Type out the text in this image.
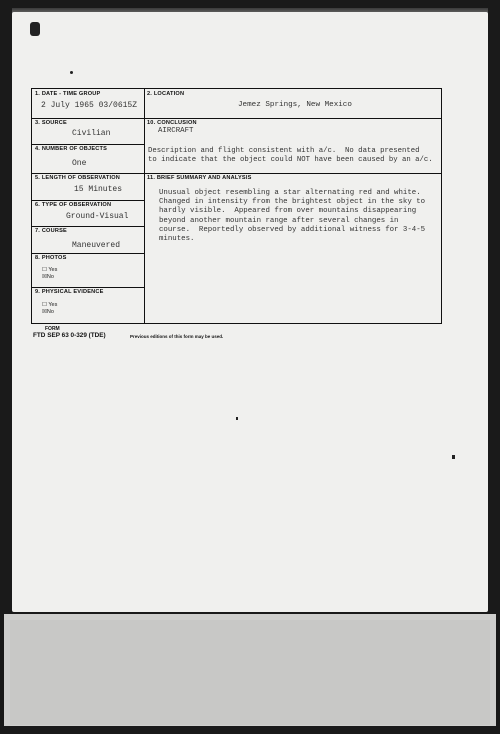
1. DATE - TIME GROUP
2 July 1965 03/0615Z
3. SOURCE
Civilian
4. NUMBER OF OBJECTS
One
5. LENGTH OF OBSERVATION
15 Minutes
6. TYPE OF OBSERVATION
Ground-Visual
7. COURSE
Maneuvered
8. PHOTOS
☐ Yes
☒No
9. PHYSICAL EVIDENCE
☐ Yes
☒No
2. LOCATION
Jemez Springs, New Mexico
10. CONCLUSION
AIRCRAFT
Description and flight consistent with a/c.  No data presented
to indicate that the object could NOT have been caused by an a/c.
11. BRIEF SUMMARY AND ANALYSIS
Unusual object resembling a star alternating red and white.
Changed in intensity from the brightest object in the sky to
hardly visible.  Appeared from over mountains disappearing
beyond another mountain range after several changes in
course.  Reportedly observed by additional witness for 3-4-5
minutes.
FORM
FTD SEP 63 0-329 (TDE)	Previous editions of this form may be used.
